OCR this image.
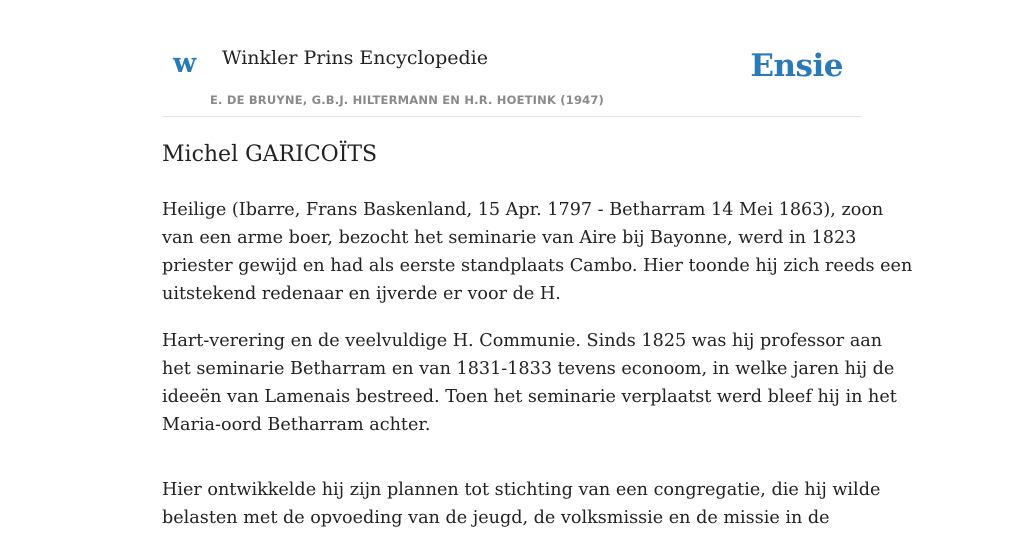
w Winkler Prins Encyclopedie
E. DE BRUYNE, G.B.J. HILTERMANN EN H.R. HOETINK (1947)
Ensie
Michel GARICOÏTS

Heilige (Ibarre, Frans Baskenland, 15 Apr. 1797 - Betharram 14 Mei 1863), zoon
van een arme boer, bezocht het seminarie van Aire bij Bayonne, werd in 1823
priester gewijd en had als eerste standplaats Cambo. Hier toonde hij zich reeds een
uitstekend redenaar en ijverde er voor de H.

Hart-verering en de veelvuldige H. Communie. Sinds 1825 was hij professor aan
het seminarie Betharram en van 1831-1833 tevens econoom, in welke jaren hij de
ideeën van Lamenais bestreed. Toen het seminarie verplaatst werd bleef hij in het
Maria-oord Betharram achter.

Hier ontwikkelde hij zijn plannen tot stichting van een congregatie, die hij wilde
belasten met de opvoeding van de jeugd, de volksmissie en de missie in de
